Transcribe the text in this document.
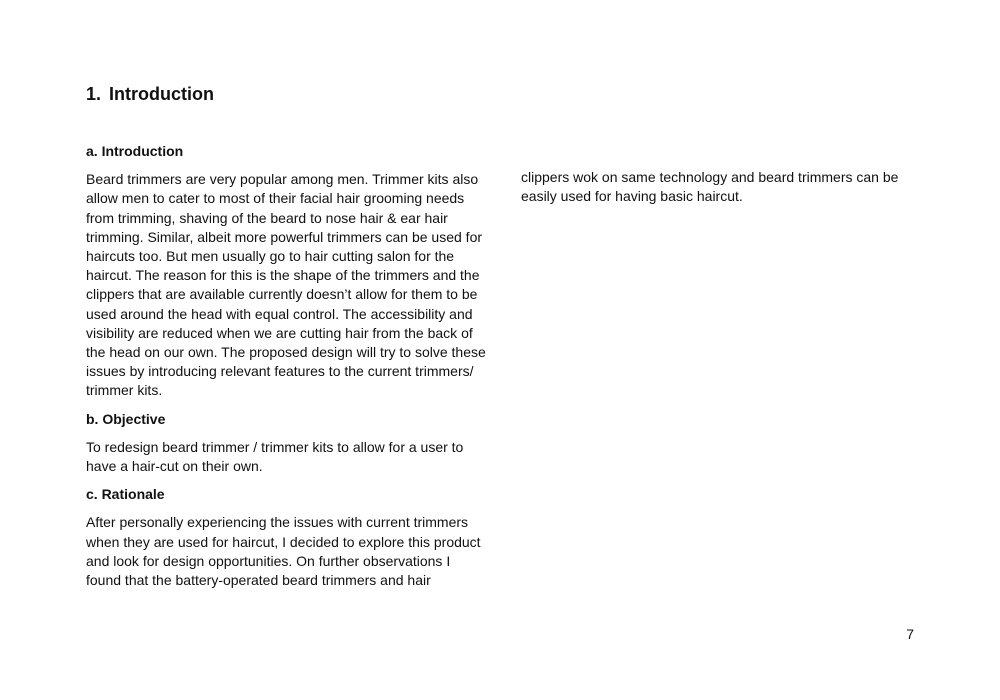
1. Introduction
a. Introduction

Beard trimmers are very popular among men. Trimmer kits also allow men to cater to most of their facial hair grooming needs from trimming, shaving of the beard to nose hair & ear hair trimming. Similar, albeit more powerful trimmers can be used for haircuts too. But men usually go to hair cutting salon for the haircut. The reason for this is the shape of the trimmers and the clippers that are available currently doesn’t allow for them to be used around the head with equal control. The accessibility and visibility are reduced when we are cutting hair from the back of the head on our own. The proposed design will try to solve these issues by introducing relevant features to the current trimmers/ trimmer kits.

b. Objective

To redesign beard trimmer / trimmer kits to allow for a user to have a hair-cut on their own.

c. Rationale

After personally experiencing the issues with current trimmers when they are used for haircut, I decided to explore this product and look for design opportunities. On further observations I found that the battery-operated beard trimmers and hair

clippers wok on same technology and beard trimmers can be easily used for having basic haircut.

7
